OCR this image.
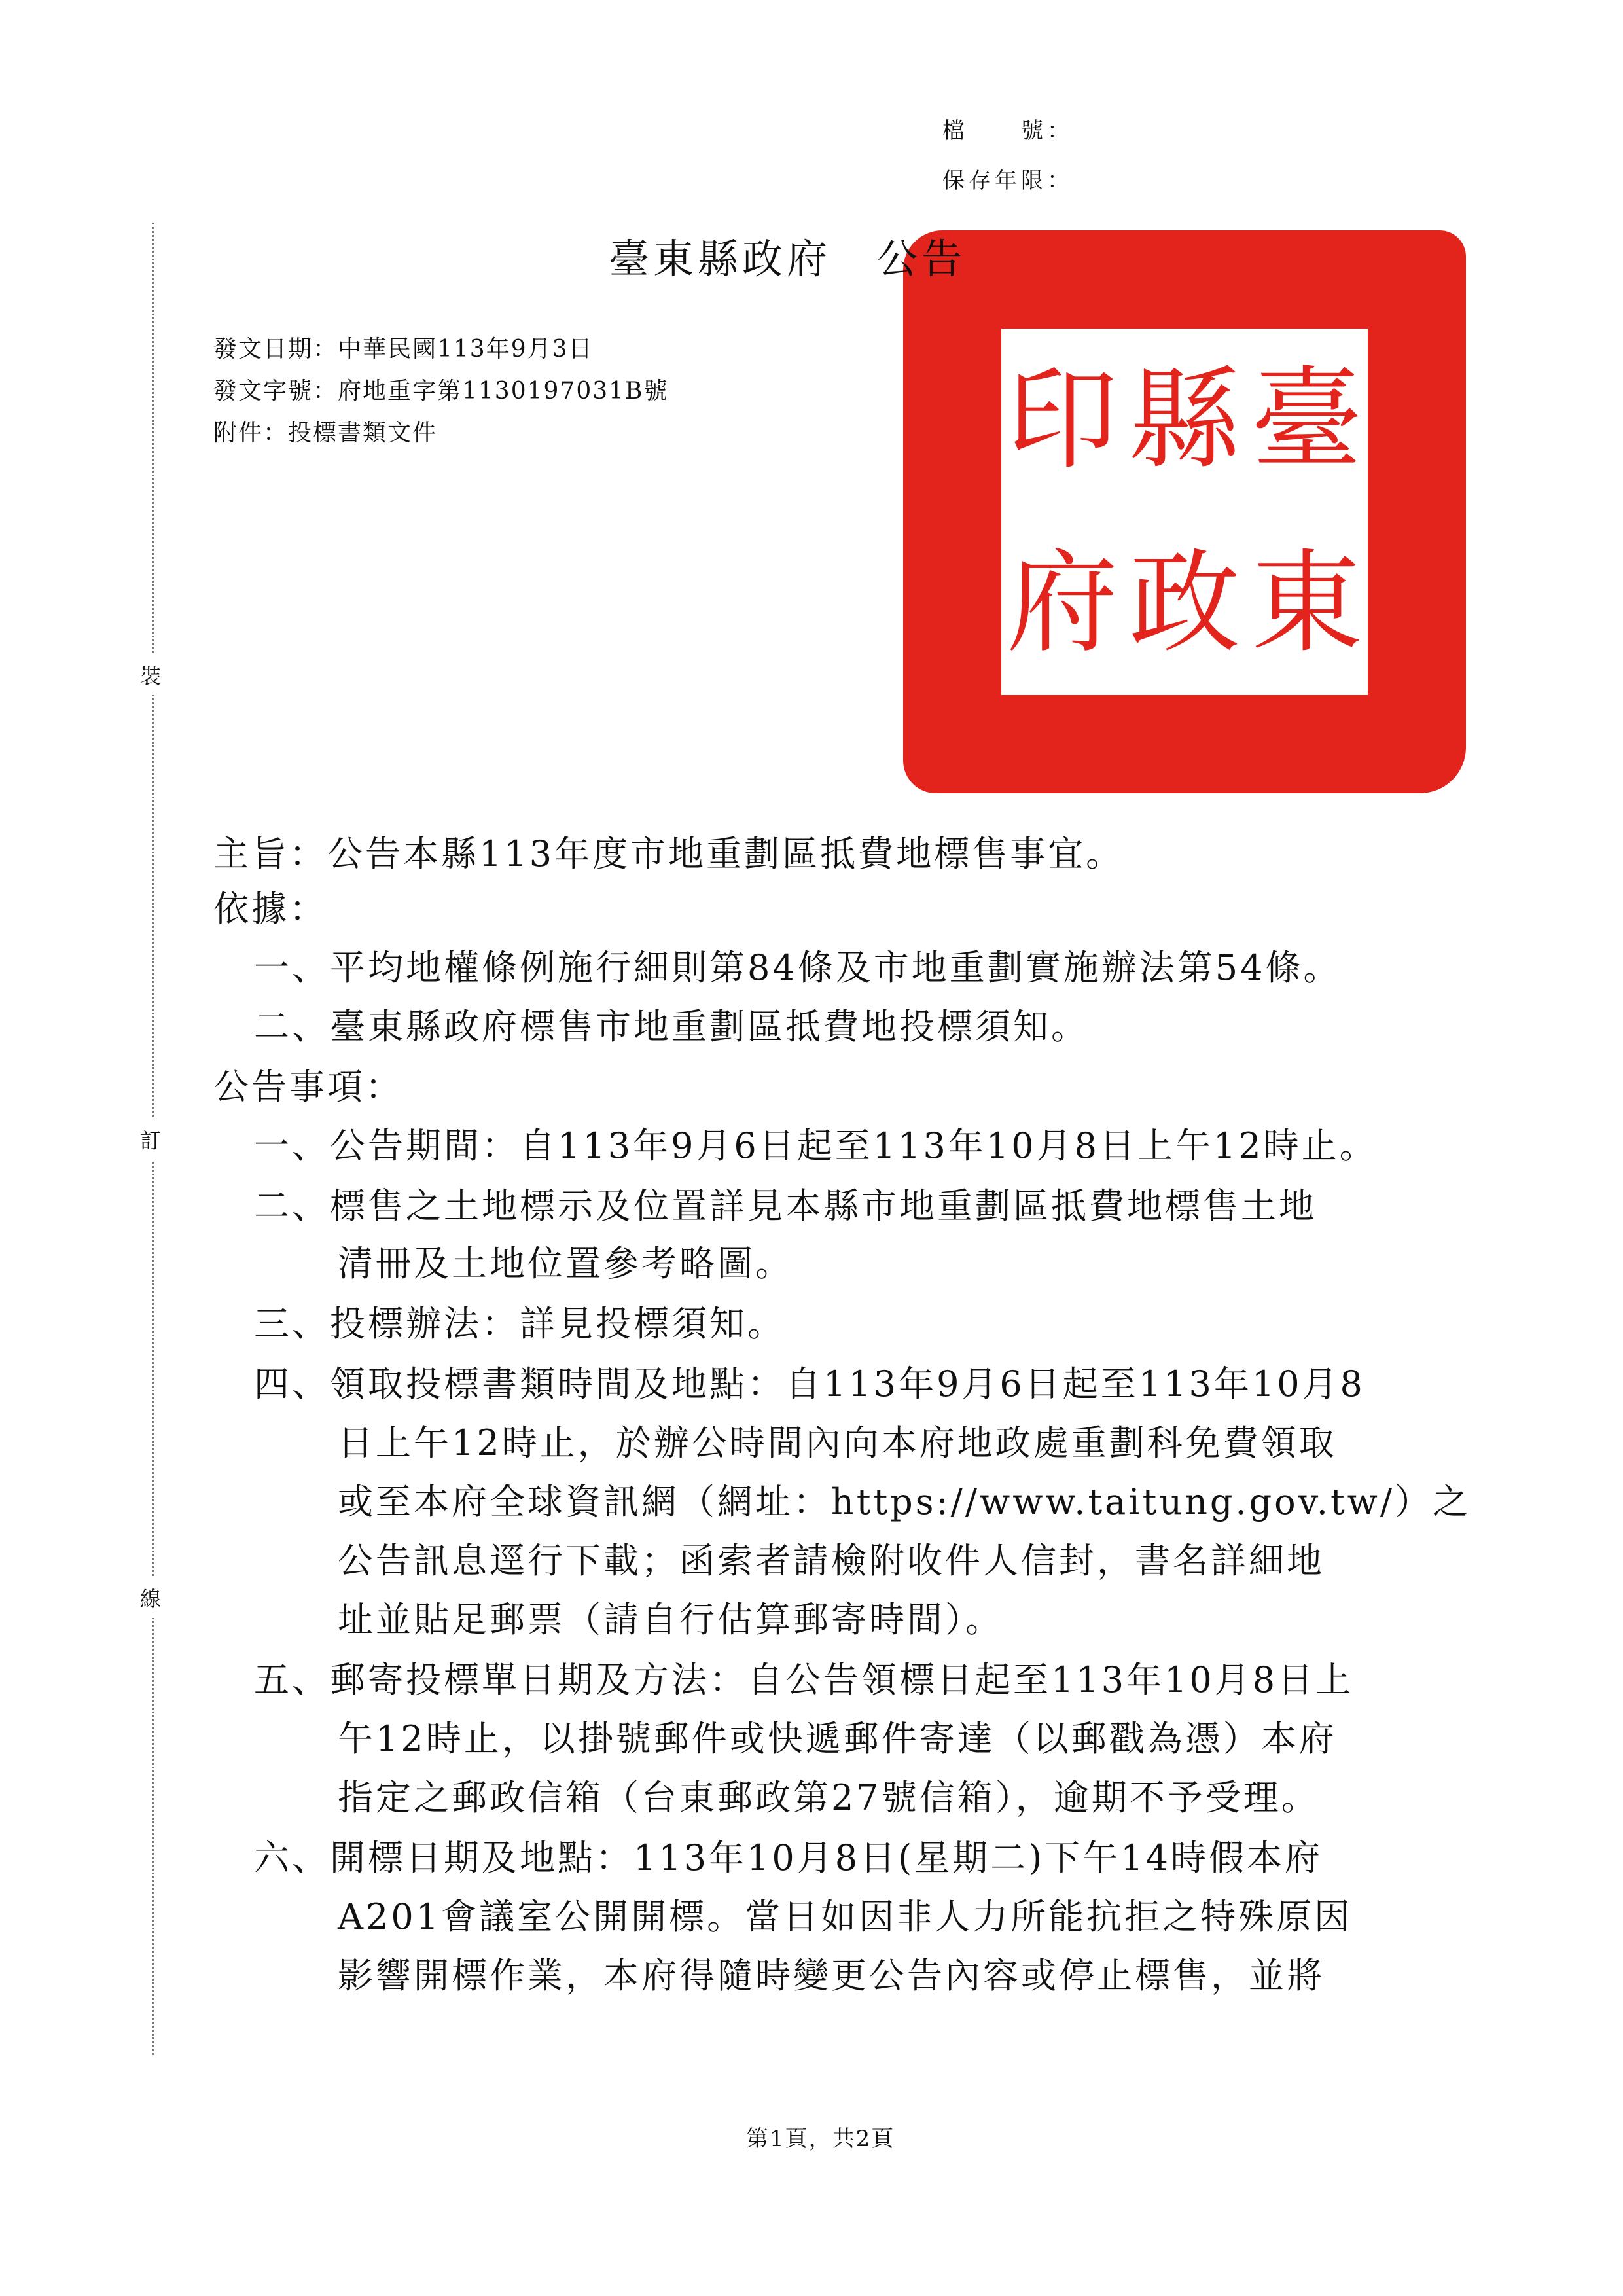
檔　　號：
保存年限：
印 縣 臺
府 政 東
臺東縣政府 公告
發文日期：中華民國113年9月3日
發文字號：府地重字第1130197031B號
附件：投標書類文件
裝
訂
線
主旨：公告本縣113年度市地重劃區抵費地標售事宜。
依據：
一、平均地權條例施行細則第84條及市地重劃實施辦法第54條。
二、臺東縣政府標售市地重劃區抵費地投標須知。
公告事項：
一、公告期間：自113年9月6日起至113年10月8日上午12時止。
二、標售之土地標示及位置詳見本縣市地重劃區抵費地標售土地
清冊及土地位置參考略圖。
三、投標辦法：詳見投標須知。
四、領取投標書類時間及地點：自113年9月6日起至113年10月8
日上午12時止，於辦公時間內向本府地政處重劃科免費領取
或至本府全球資訊網（網址：https://www.taitung.gov.tw/）之
公告訊息逕行下載；函索者請檢附收件人信封，書名詳細地
址並貼足郵票（請自行估算郵寄時間）。
五、郵寄投標單日期及方法：自公告領標日起至113年10月8日上
午12時止，以掛號郵件或快遞郵件寄達（以郵戳為憑）本府
指定之郵政信箱（台東郵政第27號信箱），逾期不予受理。
六、開標日期及地點：113年10月8日(星期二)下午14時假本府
A201會議室公開開標。當日如因非人力所能抗拒之特殊原因
影響開標作業，本府得隨時變更公告內容或停止標售，並將
第1頁，共2頁
